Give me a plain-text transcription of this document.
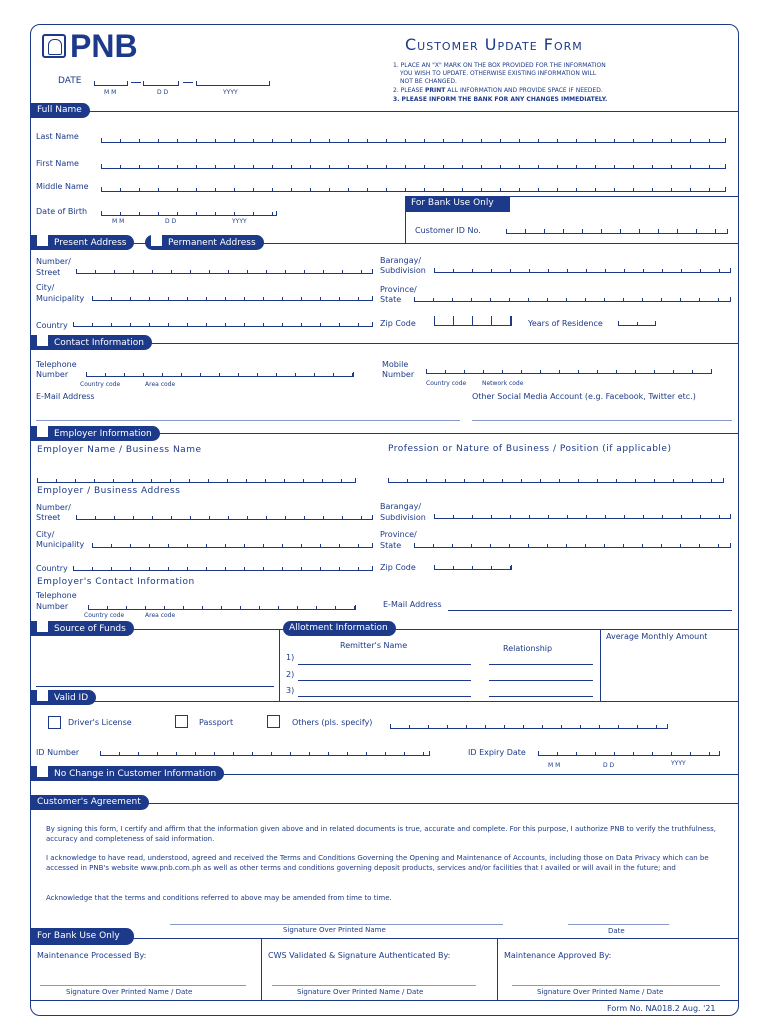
PNB	Customer Update Form
DATE
M M	D D	YYYY
1. PLACE AN "X" MARK ON THE BOX PROVIDED FOR THE INFORMATION
YOU WISH TO UPDATE. OTHERWISE EXISTING INFORMATION WILL
NOT BE CHANGED.
2. PLEASE PRINT ALL INFORMATION AND PROVIDE SPACE IF NEEDED.
3. PLEASE INFORM THE BANK FOR ANY CHANGES IMMEDIATELY.
Full Name
Last Name
First Name
Middle Name
Date of Birth
M M	D D	YYYY
For Bank Use Only
Customer ID No.
Present Address	Permanent Address
Number/
Street
Barangay/
Subdivision
City/
Municipality
Province/
State
Country	Zip Code	Years of Residence
Contact Information
Telephone
Number
Country code	Area code
Mobile
Number
Country code	Network code
E-Mail Address	Other Social Media Account (e.g. Facebook, Twitter etc.)
Employer Information
Employer Name / Business Name	Profession or Nature of Business / Position (if applicable)
Employer / Business Address
Number/
Street
Barangay/
Subdivision
City/
Municipality
Province/
State
Country	Zip Code
Employer's Contact Information
Telephone
Number
Country code	Area code
E-Mail Address
Source of Funds	Allotment Information
Remitter's Name	Relationship
Average Monthly Amount
1)
2)
3)
Valid ID
Driver's License	Passport	Others (pls. specify)
ID Number	ID Expiry Date
M M	D D	YYYY
No Change in Customer Information
Customer's Agreement
By signing this form, I certify and affirm that the information given above and in related documents is true, accurate and complete. For this purpose, I authorize PNB to verify the truthfulness, accuracy and completeness of said information.
I acknowledge to have read, understood, agreed and received the Terms and Conditions Governing the Opening and Maintenance of Accounts, including those on Data Privacy which can be accessed in PNB's website www.pnb.com.ph as well as other terms and conditions governing deposit products, services and/or facilities that I availed or will avail in the future; and
Acknowledge that the terms and conditions referred to above may be amended from time to time.
Signature Over Printed Name	Date
For Bank Use Only
Maintenance Processed By:	CWS Validated & Signature Authenticated By:	Maintenance Approved By:
Signature Over Printed Name / Date	Signature Over Printed Name / Date	Signature Over Printed Name / Date
Form No. NA018.2 Aug. '21
